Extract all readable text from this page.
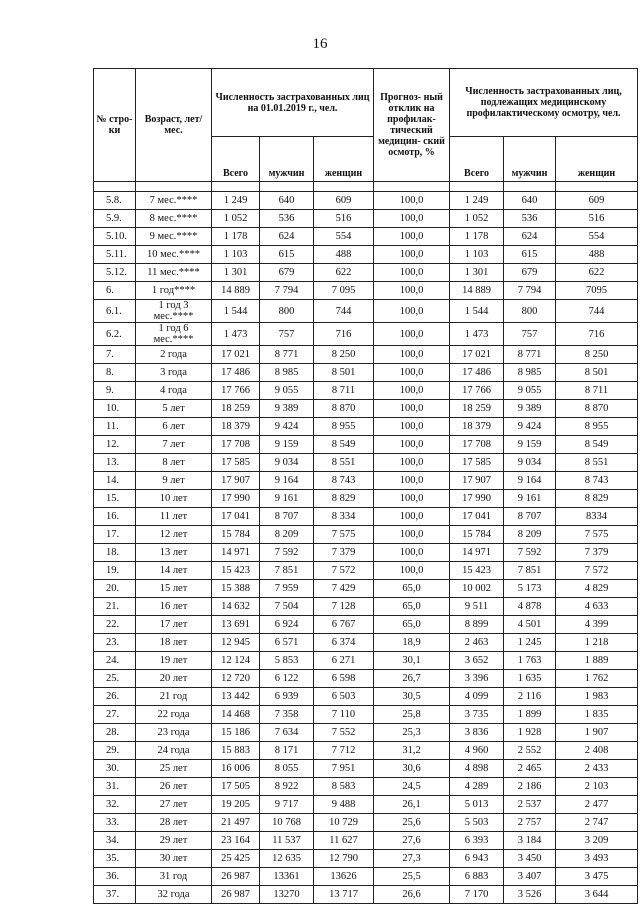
16
№ стро- ки	Возраст, лет/ мес.	Численность застрахованных лиц на 01.01.2019 г., чел.			Прогноз- ный отклик на профилак- тический медицин- ский осмотр, %	Численность застрахованных лиц, подлежащих медицинскому профилактическому осмотру, чел.		
		Всего	мужчин	женщин		Всего	мужчин	женщин

5.8.	7 мес.****	1 249	640	609	100,0	1 249	640	609
5.9.	8 мес.****	1 052	536	516	100,0	1 052	536	516
5.10.	9 мес.****	1 178	624	554	100,0	1 178	624	554
5.11.	10 мес.****	1 103	615	488	100,0	1 103	615	488
5.12.	11 мес.****	1 301	679	622	100,0	1 301	679	622
6.	1 год****	14 889	7 794	7 095	100,0	14 889	7 794	7095
6.1.	1 год 3 мес.****	1 544	800	744	100,0	1 544	800	744
6.2.	1 год 6 мес.****	1 473	757	716	100,0	1 473	757	716
7.	2 года	17 021	8 771	8 250	100,0	17 021	8 771	8 250
8.	3 года	17 486	8 985	8 501	100,0	17 486	8 985	8 501
9.	4 года	17 766	9 055	8 711	100,0	17 766	9 055	8 711
10.	5 лет	18 259	9 389	8 870	100,0	18 259	9 389	8 870
11.	6 лет	18 379	9 424	8 955	100,0	18 379	9 424	8 955
12.	7 лет	17 708	9 159	8 549	100,0	17 708	9 159	8 549
13.	8 лет	17 585	9 034	8 551	100,0	17 585	9 034	8 551
14.	9 лет	17 907	9 164	8 743	100,0	17 907	9 164	8 743
15.	10 лет	17 990	9 161	8 829	100,0	17 990	9 161	8 829
16.	11 лет	17 041	8 707	8 334	100,0	17 041	8 707	8334
17.	12 лет	15 784	8 209	7 575	100,0	15 784	8 209	7 575
18.	13 лет	14 971	7 592	7 379	100,0	14 971	7 592	7 379
19.	14 лет	15 423	7 851	7 572	100,0	15 423	7 851	7 572
20.	15 лет	15 388	7 959	7 429	65,0	10 002	5 173	4 829
21.	16 лет	14 632	7 504	7 128	65,0	9 511	4 878	4 633
22.	17 лет	13 691	6 924	6 767	65,0	8 899	4 501	4 399
23.	18 лет	12 945	6 571	6 374	18,9	2 463	1 245	1 218
24.	19 лет	12 124	5 853	6 271	30,1	3 652	1 763	1 889
25.	20 лет	12 720	6 122	6 598	26,7	3 396	1 635	1 762
26.	21 год	13 442	6 939	6 503	30,5	4 099	2 116	1 983
27.	22 года	14 468	7 358	7 110	25,8	3 735	1 899	1 835
28.	23 года	15 186	7 634	7 552	25,3	3 836	1 928	1 907
29.	24 года	15 883	8 171	7 712	31,2	4 960	2 552	2 408
30.	25 лет	16 006	8 055	7 951	30,6	4 898	2 465	2 433
31.	26 лет	17 505	8 922	8 583	24,5	4 289	2 186	2 103
32.	27 лет	19 205	9 717	9 488	26,1	5 013	2 537	2 477
33.	28 лет	21 497	10 768	10 729	25,6	5 503	2 757	2 747
34.	29 лет	23 164	11 537	11 627	27,6	6 393	3 184	3 209
35.	30 лет	25 425	12 635	12 790	27,3	6 943	3 450	3 493
36.	31 год	26 987	13361	13626	25,5	6 883	3 407	3 475
37.	32 года	26 987	13270	13 717	26,6	7 170	3 526	3 644
